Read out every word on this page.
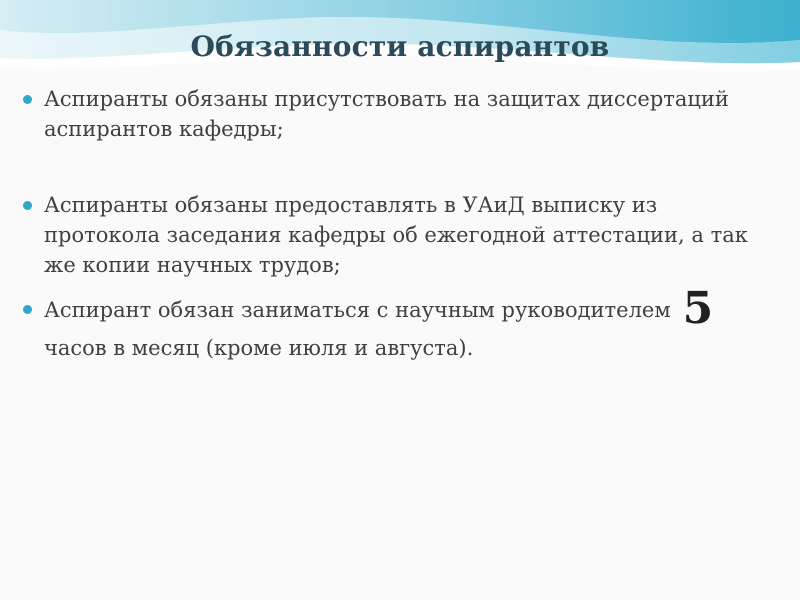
Обязанности аспирантов
Аспиранты обязаны присутствовать на защитах диссертаций аспирантов кафедры;
Аспиранты обязаны предоставлять в УАиД выписку из протокола заседания кафедры об ежегодной аттестации, а так же копии научных трудов;
Аспирант обязан заниматься с научным руководителем 5
часов в месяц (кроме июля и августа).
